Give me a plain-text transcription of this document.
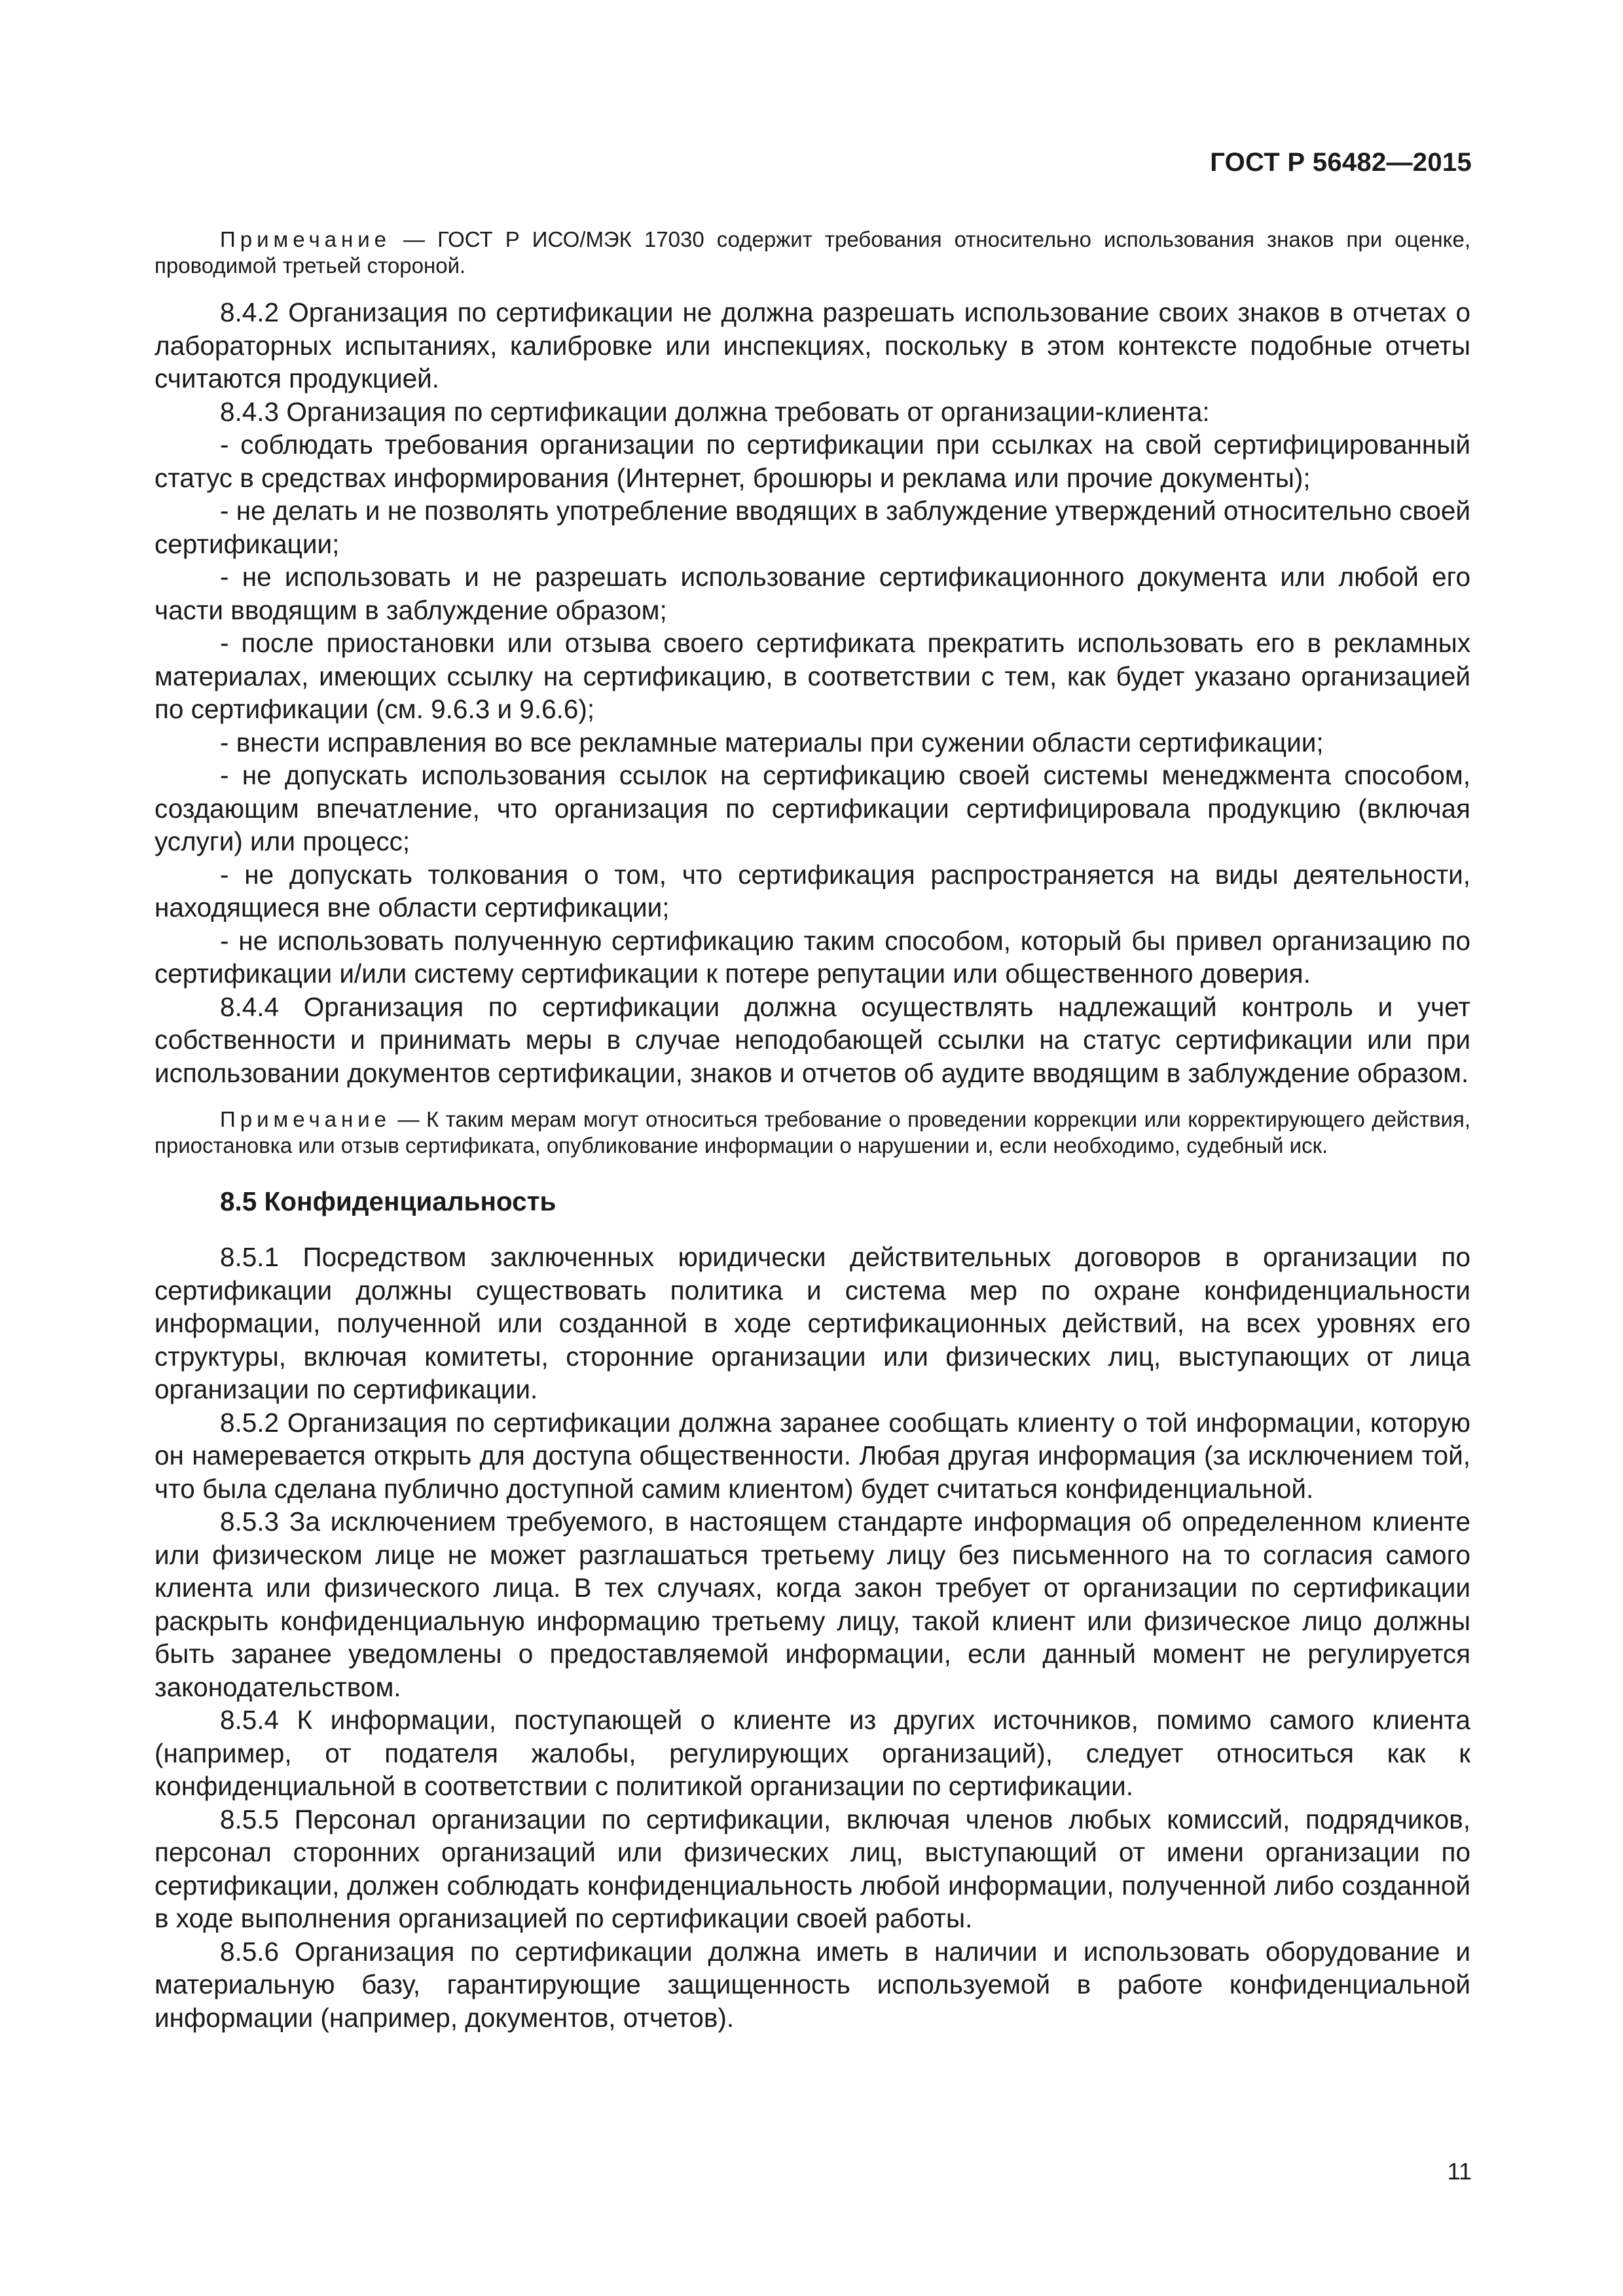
ГОСТ Р 56482—2015

Примечание — ГОСТ Р ИСО/МЭК 17030 содержит требования относительно использования знаков при оценке, проводимой третьей стороной.

8.4.2 Организация по сертификации не должна разрешать использование своих знаков в отчетах о лабораторных испытаниях, калибровке или инспекциях, поскольку в этом контексте подобные отчеты считаются продукцией.

8.4.3 Организация по сертификации должна требовать от организации-клиента:

- соблюдать требования организации по сертификации при ссылках на свой сертифицированный статус в средствах информирования (Интернет, брошюры и реклама или прочие документы);

- не делать и не позволять употребление вводящих в заблуждение утверждений относительно своей сертификации;

- не использовать и не разрешать использование сертификационного документа или любой его части вводящим в заблуждение образом;

- после приостановки или отзыва своего сертификата прекратить использовать его в рекламных материалах, имеющих ссылку на сертификацию, в соответствии с тем, как будет указано организацией по сертификации (см. 9.6.3 и 9.6.6);

- внести исправления во все рекламные материалы при сужении области сертификации;

- не допускать использования ссылок на сертификацию своей системы менеджмента способом, создающим впечатление, что организация по сертификации сертифицировала продукцию (включая услуги) или процесс;

- не допускать толкования о том, что сертификация распространяется на виды деятельности, находящиеся вне области сертификации;

- не использовать полученную сертификацию таким способом, который бы привел организацию по сертификации и/или систему сертификации к потере репутации или общественного доверия.

8.4.4 Организация по сертификации должна осуществлять надлежащий контроль и учет собственности и принимать меры в случае неподобающей ссылки на статус сертификации или при использовании документов сертификации, знаков и отчетов об аудите вводящим в заблуждение образом.

Примечание — К таким мерам могут относиться требование о проведении коррекции или корректирующего действия, приостановка или отзыв сертификата, опубликование информации о нарушении и, если необходимо, судебный иск.

8.5 Конфиденциальность

8.5.1 Посредством заключенных юридически действительных договоров в организации по сертификации должны существовать политика и система мер по охране конфиденциальности информации, полученной или созданной в ходе сертификационных действий, на всех уровнях его структуры, включая комитеты, сторонние организации или физических лиц, выступающих от лица организации по сертификации.

8.5.2 Организация по сертификации должна заранее сообщать клиенту о той информации, которую он намеревается открыть для доступа общественности. Любая другая информация (за исключением той, что была сделана публично доступной самим клиентом) будет считаться конфиденциальной.

8.5.3 За исключением требуемого, в настоящем стандарте информация об определенном клиенте или физическом лице не может разглашаться третьему лицу без письменного на то согласия самого клиента или физического лица. В тех случаях, когда закон требует от организации по сертификации раскрыть конфиденциальную информацию третьему лицу, такой клиент или физическое лицо должны быть заранее уведомлены о предоставляемой информации, если данный момент не регулируется законодательством.

8.5.4 К информации, поступающей о клиенте из других источников, помимо самого клиента (например, от подателя жалобы, регулирующих организаций), следует относиться как к конфиденциальной в соответствии с политикой организации по сертификации.

8.5.5 Персонал организации по сертификации, включая членов любых комиссий, подрядчиков, персонал сторонних организаций или физических лиц, выступающий от имени организации по сертификации, должен соблюдать конфиденциальность любой информации, полученной либо созданной в ходе выполнения организацией по сертификации своей работы.

8.5.6 Организация по сертификации должна иметь в наличии и использовать оборудование и материальную базу, гарантирующие защищенность используемой в работе конфиденциальной информации (например, документов, отчетов).

11
